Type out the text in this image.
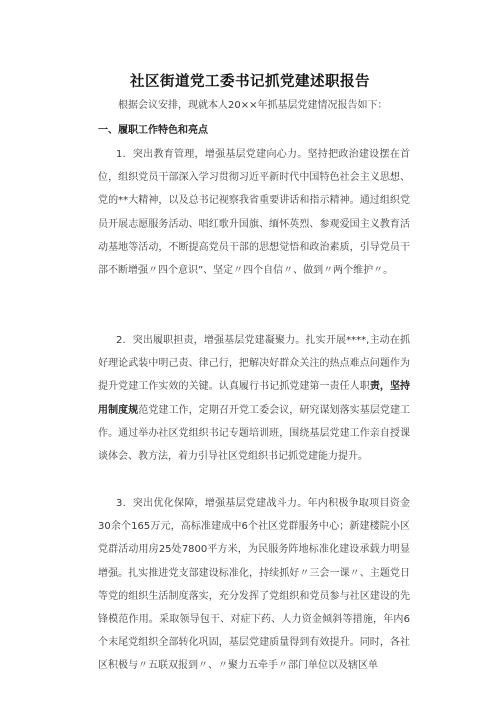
社区街道党工委书记抓党建述职报告

根据会议安排，现就本人20××年抓基层党建情况报告如下：

一、履职工作特色和亮点

1．突出教育管理，增强基层党建向心力。坚持把政治建设摆在首位，组织党员干部深入学习贯彻习近平新时代中国特色社会主义思想、党的**大精神，以及总书记视察我省重要讲话和指示精神。通过组织党员开展志愿服务活动、唱红歌升国旗、缅怀英烈、参观爱国主义教育活动基地等活动，不断提高党员干部的思想觉悟和政治素质，引导党员干部不断增强〃四个意识”、坚定〃四个自信〃、做到〃两个维护〃。

2．突出履职担责，增强基层党建凝聚力。扎实开展****,主动在抓好理论武装中明己责、律己行，把解决好群众关注的热点难点问题作为提升党建工作实效的关键。认真履行书记抓党建第一责任人职责，坚持用制度规范党建工作，定期召开党工委会议，研究谋划落实基层党建工作。通过举办社区党组织书记专题培训班，围绕基层党建工作亲自授课谈体会、教方法，着力引导社区党组织书记抓党建能力提升。

3．突出优化保障，增强基层党建战斗力。年内积极争取项目资金30余个165万元，高标准建成中6个社区党群服务中心；新建楼院小区党群活动用房25处7800平方米，为民服务阵地标准化建设承载力明显增强。扎实推进党支部建设标准化，持续抓好〃三会一课〃、主题党日等党的组织生活制度落实，充分发挥了党组织和党员参与社区建设的先锋模范作用。采取领导包干、对症下药、人力资金倾斜等措施，年内6个末尾党组织全部转化巩固，基层党建质量得到有效提升。同时，各社区积极与〃五联双报到〃、〃聚力五牵手〃部门单位以及辖区单
